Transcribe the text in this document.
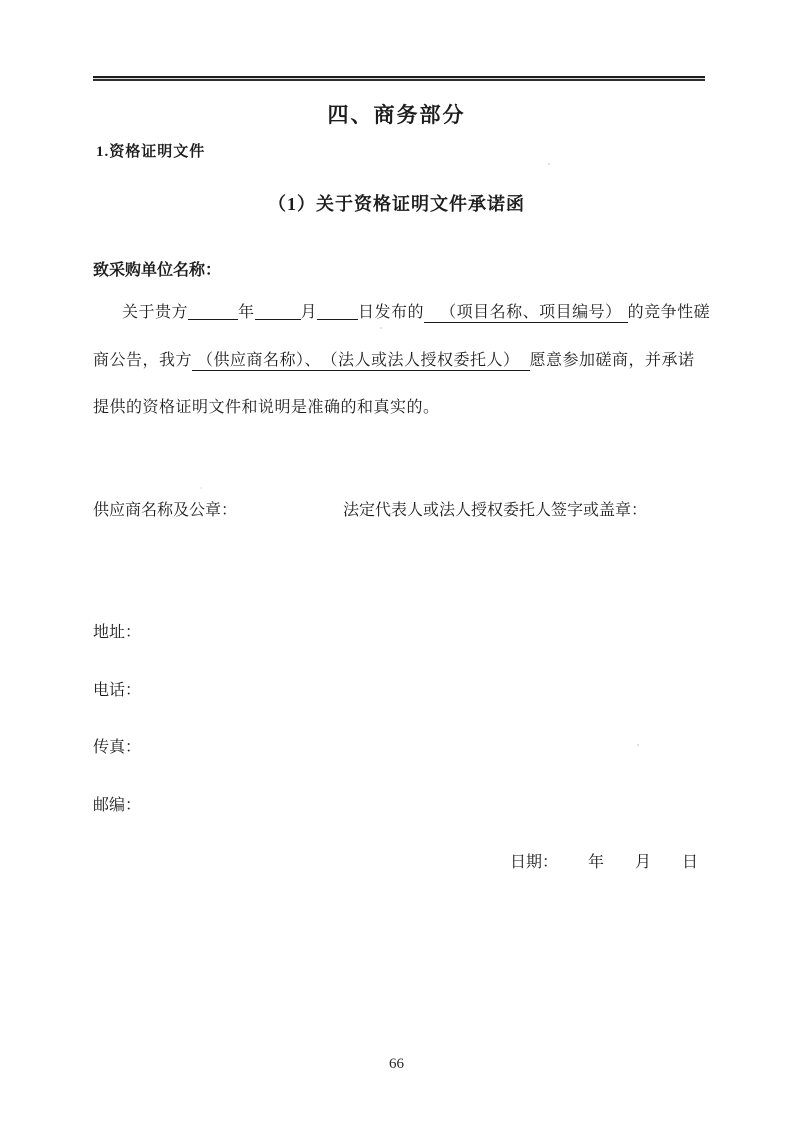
四、商务部分
1.资格证明文件
（1）关于资格证明文件承诺函
致采购单位名称：
关于贵方	年	月	日发布的 （项目名称、项目编号） 的竞争性磋
商公告，我方 （供应商名称）、　（法人或法人授权委托人） 愿意参加磋商，并承诺
提供的资格证明文件和说明是准确的和真实的。
供应商名称及公章：	法定代表人或法人授权委托人签字或盖章：
地址：
电话：
传真：
邮编：
日期： 年 月 日
66
